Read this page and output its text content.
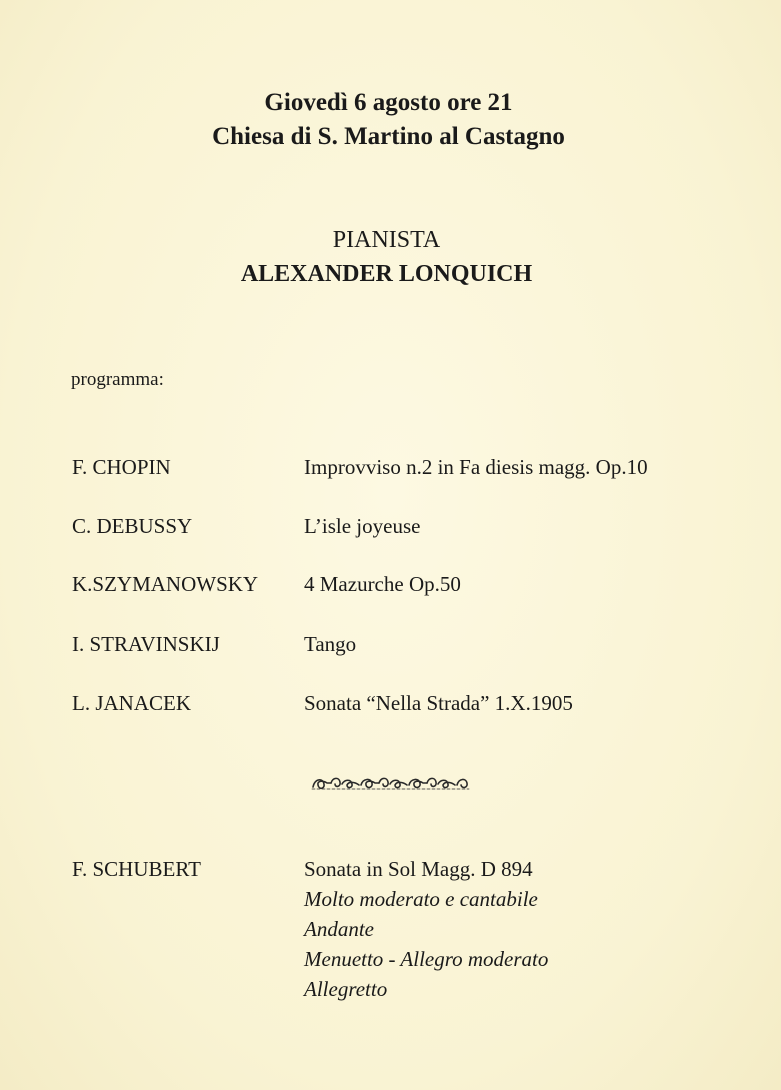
Giovedì 6 agosto ore 21
Chiesa di S. Martino al Castagno
PIANISTA
ALEXANDER LONQUICH
programma:
F. CHOPIN	Improvviso n.2 in Fa diesis magg. Op.10
C. DEBUSSY	L’isle joyeuse
K.SZYMANOWSKY 4 Mazurche Op.50
I. STRAVINSKIJ	Tango
L. JANACEK	Sonata “Nella Strada” 1.X.1905
F. SCHUBERT	Sonata in Sol Magg. D 894
Molto moderato e cantabile
Andante
Menuetto - Allegro moderato
Allegretto
